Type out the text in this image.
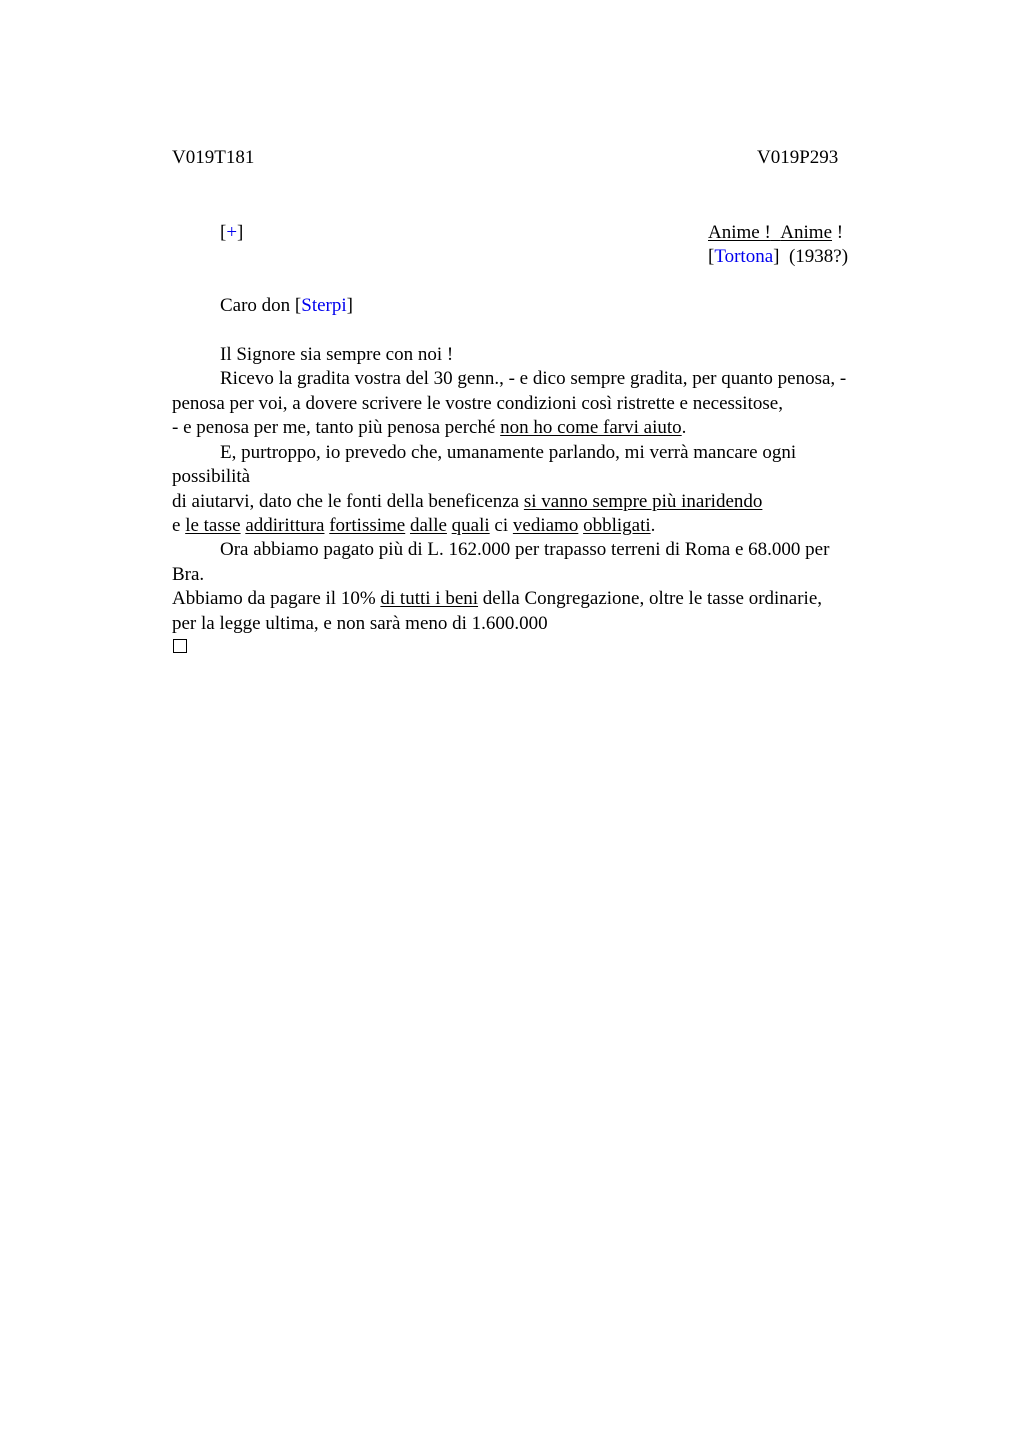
V019T181	V019P293
[+]	Anime ! Anime !
[Tortona] (1938?)
Caro don [Sterpi]
Il Signore sia sempre con noi !
Ricevo la gradita vostra del 30 genn., - e dico sempre gradita, per quanto penosa, -
penosa per voi, a dovere scrivere le vostre condizioni così ristrette e necessitose,
- e penosa per me, tanto più penosa perché non ho come farvi aiuto.
E, purtroppo, io prevedo che, umanamente parlando, mi verrà mancare ogni
possibilità
di aiutarvi, dato che le fonti della beneficenza si vanno sempre più inaridendo
e le tasse addirittura fortissime dalle quali ci vediamo obbligati.
Ora abbiamo pagato più di L. 162.000 per trapasso terreni di Roma e 68.000 per
Bra.
Abbiamo da pagare il 10% di tutti i beni della Congregazione, oltre le tasse ordinarie,
per la legge ultima, e non sarà meno di 1.600.000
